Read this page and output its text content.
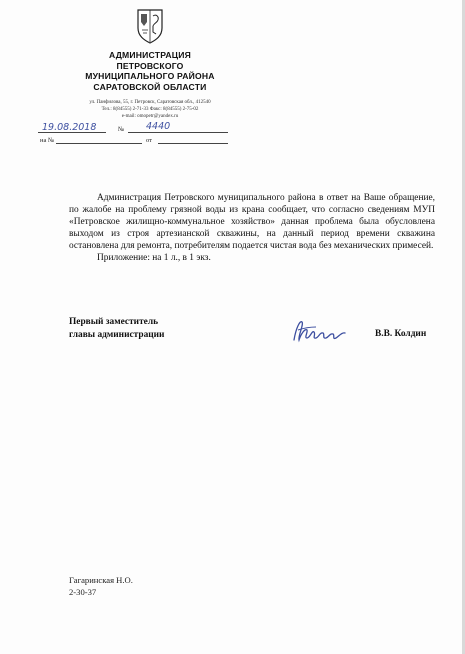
АДМИНИСТРАЦИЯ
ПЕТРОВСКОГО
МУНИЦИПАЛЬНОГО РАЙОНА
САРАТОВСКОЙ ОБЛАСТИ
ул. Панфилова, 55, г. Петровск, Саратовская обл., 412540
Тел.: 8(84555) 2-71-33 Факс: 8(84555) 2-75-02
e-mail: omopetr@yandex.ru
19.08.2018	№ 4440
на №	от

Администрация Петровского муниципального района в ответ на Ваше обращение, по жалобе на проблему грязной воды из крана сообщает, что согласно сведениям МУП «Петровское жилищно-коммунальное хозяйство» данная проблема была обусловлена выходом из строя артезианской скважины, на данный период времени скважина остановлена для ремонта, потребителям подается чистая вода без механических примесей.

Приложение: на 1 л., в 1 экз.

Первый заместитель
главы администрации	В.В. Колдин
Гагаринская Н.О.
2-30-37
